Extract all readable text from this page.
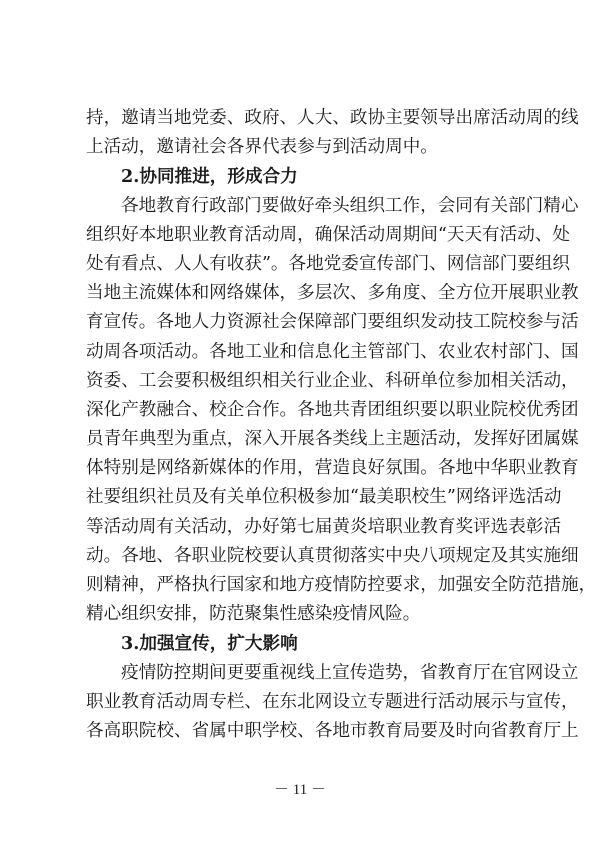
持，邀请当地党委、政府、人大、政协主要领导出席活动周的线
上活动，邀请社会各界代表参与到活动周中。
2.协同推进，形成合力
各地教育行政部门要做好牵头组织工作，会同有关部门精心
组织好本地职业教育活动周，确保活动周期间“天天有活动、处
处有看点、人人有收获”。各地党委宣传部门、网信部门要组织
当地主流媒体和网络媒体，多层次、多角度、全方位开展职业教
育宣传。各地人力资源社会保障部门要组织发动技工院校参与活
动周各项活动。各地工业和信息化主管部门、农业农村部门、国
资委、工会要积极组织相关行业企业、科研单位参加相关活动，
深化产教融合、校企合作。各地共青团组织要以职业院校优秀团
员青年典型为重点，深入开展各类线上主题活动，发挥好团属媒
体特别是网络新媒体的作用，营造良好氛围。各地中华职业教育
社要组织社员及有关单位积极参加“最美职校生”网络评选活动
等活动周有关活动，办好第七届黄炎培职业教育奖评选表彰活
动。各地、各职业院校要认真贯彻落实中央八项规定及其实施细
则精神，严格执行国家和地方疫情防控要求，加强安全防范措施，
精心组织安排，防范聚集性感染疫情风险。
3.加强宣传，扩大影响
疫情防控期间更要重视线上宣传造势，省教育厅在官网设立
职业教育活动周专栏、在东北网设立专题进行活动展示与宣传，
各高职院校、省属中职学校、各地市教育局要及时向省教育厅上
－ 11 －
